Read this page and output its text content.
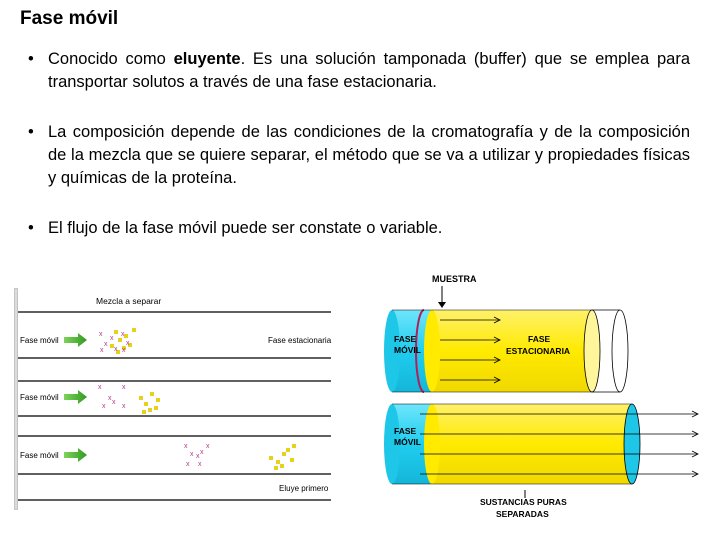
Fase móvil
• Conocido como eluyente. Es una solución tamponada (buffer) que se emplea para transportar solutos a través de una fase estacionaria.
• La composición depende de las condiciones de la cromatografía y de la composición de la mezcla que se quiere separar, el método que se va a utilizar y propiedades físicas y químicas de la proteína.
• El flujo de la fase móvil puede ser constate o variable.
Mezcla a separar
Fase móvil	Fase estacionaria
Fase móvil
Fase móvil
Eluye primero
x	x
x x x
x
x
x
x	x
x
x
x x
x	x
x x
x
x x
MUESTRA
FASE
MÓVIL
FASE
ESTACIONARIA
FASE
MÓVIL
SUSTANCIAS PURAS
SEPARADAS
